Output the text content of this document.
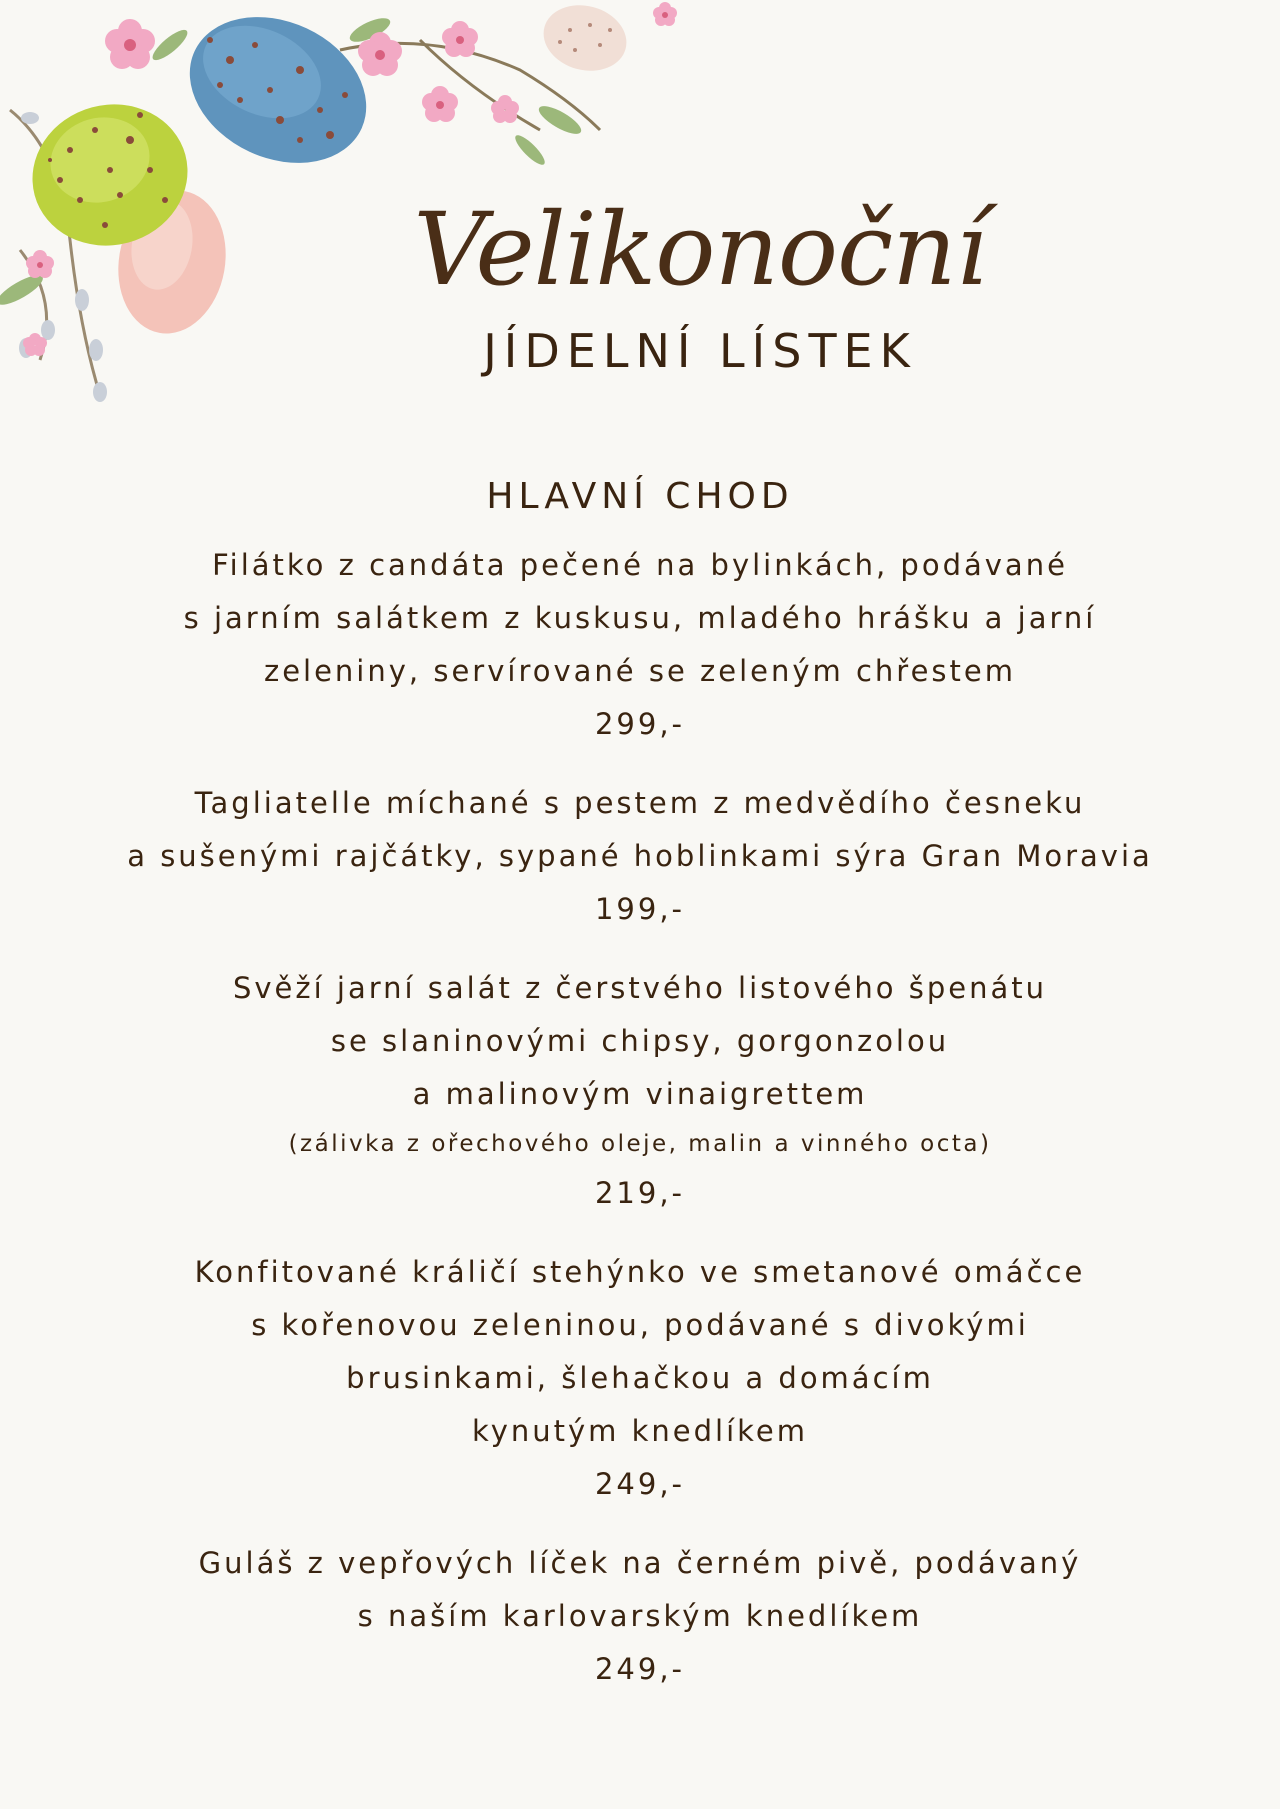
Velikonoční
JÍDELNÍ LÍSTEK
HLAVNÍ CHOD
Filátko z candáta pečené na bylinkách, podávané
s jarním salátkem z kuskusu, mladého hrášku a jarní
zeleniny, servírované se zeleným chřestem
299,-
Tagliatelle míchané s pestem z medvědího česneku
a sušenými rajčátky, sypané hoblinkami sýra Gran Moravia
199,-
Svěží jarní salát z čerstvého listového špenátu
se slaninovými chipsy, gorgonzolou
a malinovým vinaigrettem
(zálivka z ořechového oleje, malin a vinného octa)
219,-
Konfitované králičí stehýnko ve smetanové omáčce
s kořenovou zeleninou, podávané s divokými
brusinkami, šlehačkou a domácím
kynutým knedlíkem
249,-
Guláš z vepřových líček na černém pivě, podávaný
s naším karlovarským knedlíkem
249,-
